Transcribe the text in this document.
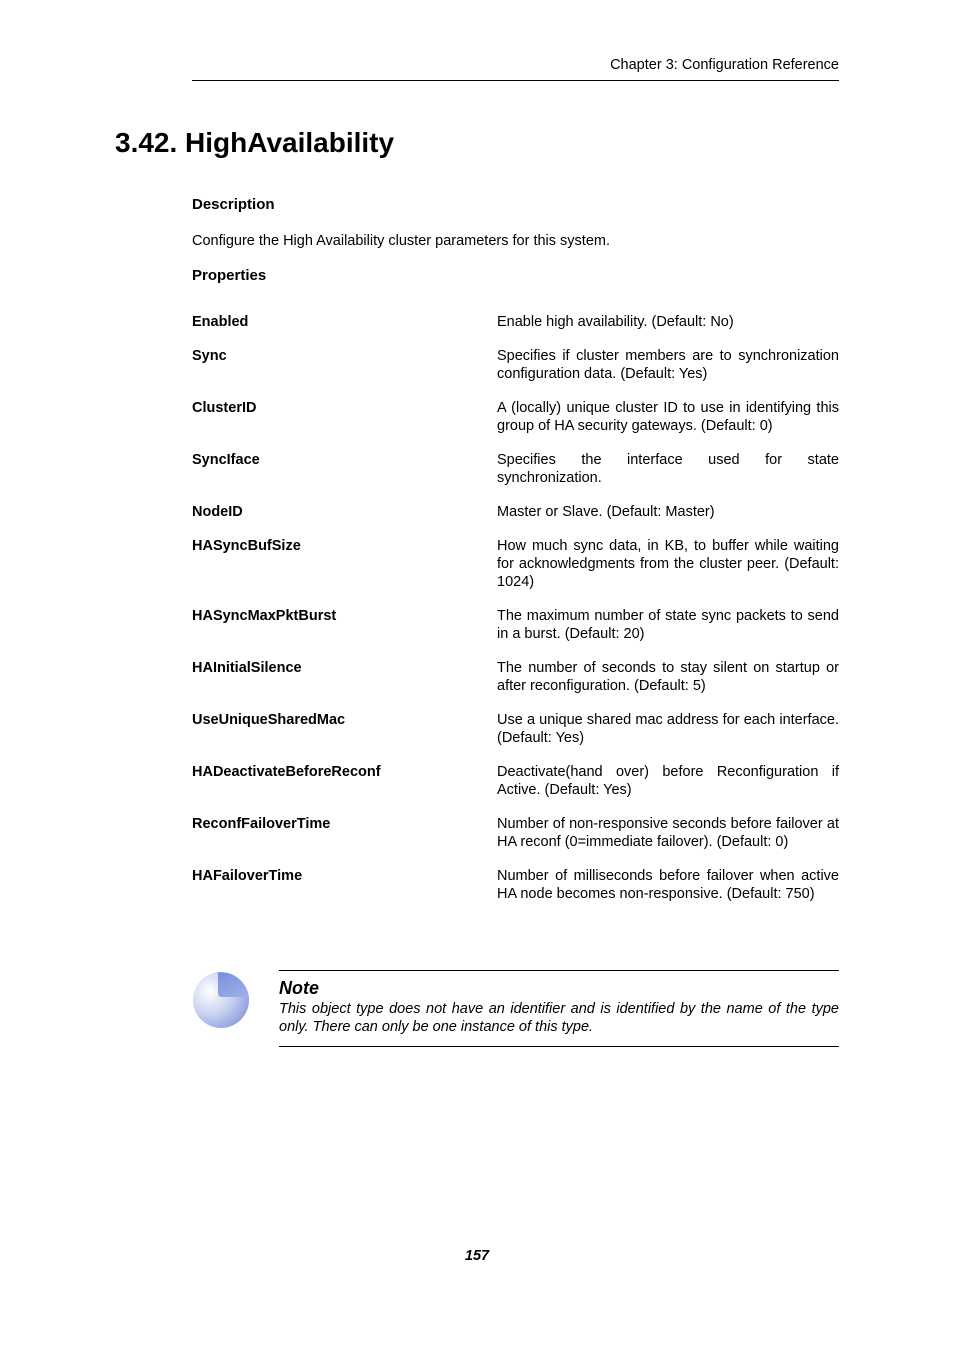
Chapter 3: Configuration Reference
3.42. HighAvailability
Description

Configure the High Availability cluster parameters for this system.

Properties
Enabled	Enable high availability. (Default: No)
Sync	Specifies if cluster members are to synchronization configuration data. (Default: Yes)
ClusterID	A (locally) unique cluster ID to use in identifying this group of HA security gateways. (Default: 0)
SyncIface	Specifies the interface used for state synchronization.
NodeID	Master or Slave. (Default: Master)
HASyncBufSize	How much sync data, in KB, to buffer while waiting for acknowledgments from the cluster peer. (Default: 1024)
HASyncMaxPktBurst	The maximum number of state sync packets to send in a burst. (Default: 20)
HAInitialSilence	The number of seconds to stay silent on startup or after reconfiguration. (Default: 5)
UseUniqueSharedMac	Use a unique shared mac address for each interface. (Default: Yes)
HADeactivateBeforeReconf	Deactivate(hand over) before Reconfiguration if Active. (Default: Yes)
ReconfFailoverTime	Number of non-responsive seconds before failover at HA reconf (0=immediate failover). (Default: 0)
HAFailoverTime	Number of milliseconds before failover when active HA node becomes non-responsive. (Default: 750)
Note

This object type does not have an identifier and is identified by the name of the type only. There can only be one instance of this type.

157
